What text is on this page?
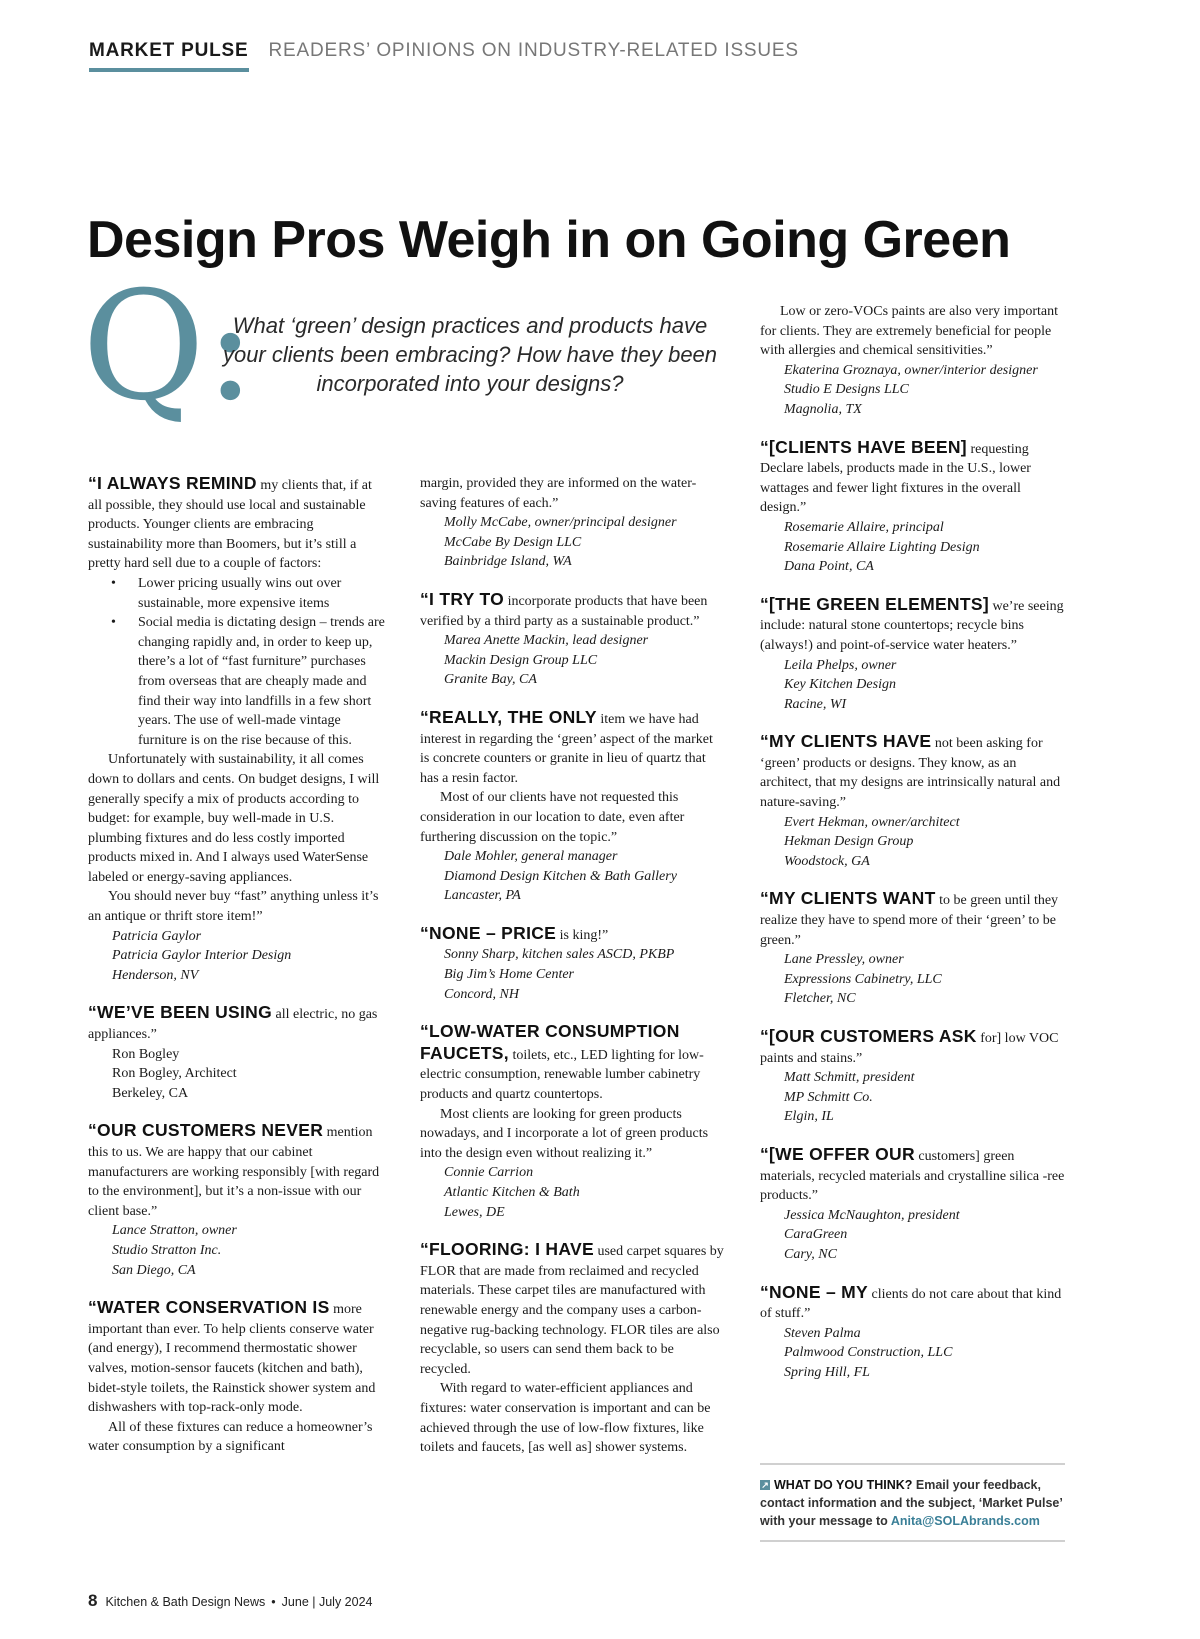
MARKET PULSE READERS’ OPINIONS ON INDUSTRY-RELATED ISSUES
Design Pros Weigh in on Going Green
Q:
What ‘green’ design practices and products have your clients been embracing? How have they been incorporated into your designs?

“I ALWAYS REMIND my clients that, if at all possible, they should use local and sustainable products. Younger clients are embracing sustainability more than Boomers, but it’s still a pretty hard sell due to a couple of factors:

• Lower pricing usually wins out over sustainable, more expensive items
• Social media is dictating design – trends are changing rapidly and, in order to keep up, there’s a lot of “fast furniture” purchases from overseas that are cheaply made and find their way into landfills in a few short years. The use of well-made vintage furniture is on the rise because of this.

Unfortunately with sustainability, it all comes down to dollars and cents. On budget designs, I will generally specify a mix of products according to budget: for example, buy well-made in U.S. plumbing fixtures and do less costly imported products mixed in. And I always used WaterSense labeled or energy-saving appliances.

You should never buy “fast” anything unless it’s an antique or thrift store item!”

Patricia Gaylor
Patricia Gaylor Interior Design
Henderson, NV

“WE’VE BEEN USING all electric, no gas appliances.”

Ron Bogley
Ron Bogley, Architect
Berkeley, CA

“OUR CUSTOMERS NEVER mention this to us. We are happy that our cabinet manufacturers are working responsibly [with regard to the environment], but it’s a non-issue with our client base.”

Lance Stratton, owner
Studio Stratton Inc.
San Diego, CA

“WATER CONSERVATION IS more important than ever. To help clients conserve water (and energy), I recommend thermostatic shower valves, motion-sensor faucets (kitchen and bath), bidet-style toilets, the Rainstick shower system and dishwashers with top-rack-only mode.

All of these fixtures can reduce a homeowner’s water consumption by a significant

margin, provided they are informed on the water-saving features of each.”

Molly McCabe, owner/principal designer
McCabe By Design LLC
Bainbridge Island, WA

“I TRY TO incorporate products that have been verified by a third party as a sustainable product.”

Marea Anette Mackin, lead designer
Mackin Design Group LLC
Granite Bay, CA

“REALLY, THE ONLY item we have had interest in regarding the ‘green’ aspect of the market is concrete counters or granite in lieu of quartz that has a resin factor.

Most of our clients have not requested this consideration in our location to date, even after furthering discussion on the topic.”

Dale Mohler, general manager
Diamond Design Kitchen & Bath Gallery
Lancaster, PA

“NONE – PRICE is king!”

Sonny Sharp, kitchen sales ASCD, PKBP
Big Jim’s Home Center
Concord, NH

“LOW-WATER CONSUMPTION FAUCETS, toilets, etc., LED lighting for low-electric consumption, renewable lumber cabinetry products and quartz countertops.

Most clients are looking for green products nowadays, and I incorporate a lot of green products into the design even without realizing it.”

Connie Carrion
Atlantic Kitchen & Bath
Lewes, DE

“FLOORING: I HAVE used carpet squares by FLOR that are made from reclaimed and recycled materials. These carpet tiles are manufactured with renewable energy and the company uses a carbon-negative rug-backing technology. FLOR tiles are also recyclable, so users can send them back to be recycled.

With regard to water-efficient appliances and fixtures: water conservation is important and can be achieved through the use of low-flow fixtures, like toilets and faucets, [as well as] shower systems.

Low or zero-VOCs paints are also very important for clients. They are extremely beneficial for people with allergies and chemical sensitivities.”

Ekaterina Groznaya, owner/interior designer
Studio E Designs LLC
Magnolia, TX

“[CLIENTS HAVE BEEN] requesting Declare labels, products made in the U.S., lower wattages and fewer light fixtures in the overall design.”

Rosemarie Allaire, principal
Rosemarie Allaire Lighting Design
Dana Point, CA

“[THE GREEN ELEMENTS] we’re seeing include: natural stone countertops; recycle bins (always!) and point-of-service water heaters.”

Leila Phelps, owner
Key Kitchen Design
Racine, WI

“MY CLIENTS HAVE not been asking for ‘green’ products or designs. They know, as an architect, that my designs are intrinsically natural and nature-saving.”

Evert Hekman, owner/architect
Hekman Design Group
Woodstock, GA

“MY CLIENTS WANT to be green until they realize they have to spend more of their ‘green’ to be green.”

Lane Pressley, owner
Expressions Cabinetry, LLC
Fletcher, NC

“[OUR CUSTOMERS ASK for] low VOC paints and stains.”

Matt Schmitt, president
MP Schmitt Co.
Elgin, IL

“[WE OFFER OUR customers] green materials, recycled materials and crystalline silica -ree products.”

Jessica McNaughton, president
CaraGreen
Cary, NC

“NONE – MY clients do not care about that kind of stuff.”

Steven Palma
Palmwood Construction, LLC
Spring Hill, FL
↗ WHAT DO YOU THINK? Email your feedback, contact information and the subject, ‘Market Pulse’ with your message to Anita@SOLAbrands.com
8 Kitchen & Bath Design News • June | July 2024
